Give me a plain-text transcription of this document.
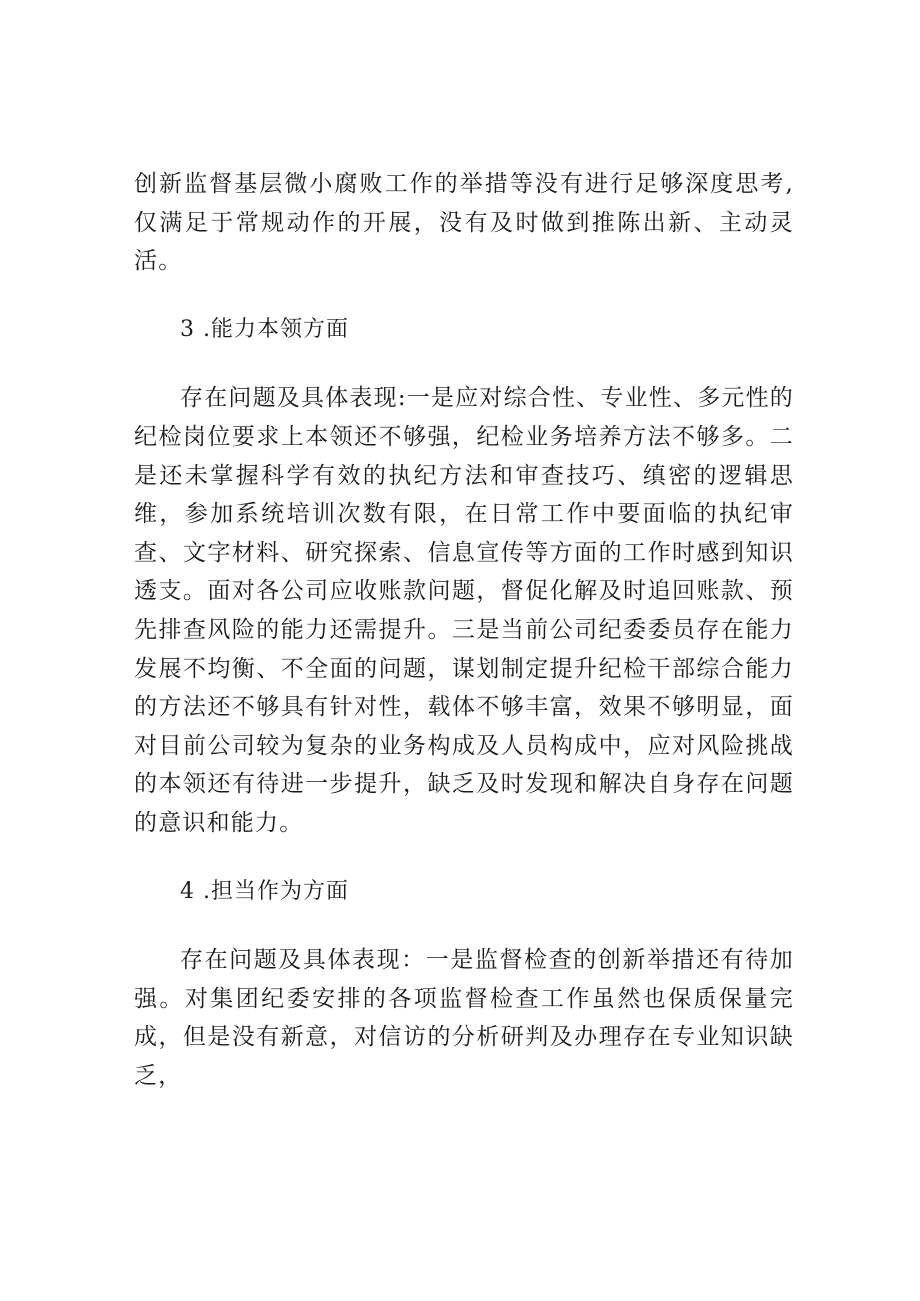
创新监督基层微小腐败工作的举措等没有进行足够深度思考,仅满足于常规动作的开展，没有及时做到推陈出新、主动灵活。

3 .能力本领方面

存在问题及具体表现:一是应对综合性、专业性、多元性的纪检岗位要求上本领还不够强，纪检业务培养方法不够多。二是还未掌握科学有效的执纪方法和审查技巧、缜密的逻辑思维，参加系统培训次数有限，在日常工作中要面临的执纪审查、文字材料、研究探索、信息宣传等方面的工作时感到知识透支。面对各公司应收账款问题，督促化解及时追回账款、预先排查风险的能力还需提升。三是当前公司纪委委员存在能力发展不均衡、不全面的问题，谋划制定提升纪检干部综合能力的方法还不够具有针对性，载体不够丰富，效果不够明显，面对目前公司较为复杂的业务构成及人员构成中，应对风险挑战的本领还有待进一步提升，缺乏及时发现和解决自身存在问题的意识和能力。

4 .担当作为方面

存在问题及具体表现：一是监督检查的创新举措还有待加强。对集团纪委安排的各项监督检查工作虽然也保质保量完成，但是没有新意，对信访的分析研判及办理存在专业知识缺乏，
